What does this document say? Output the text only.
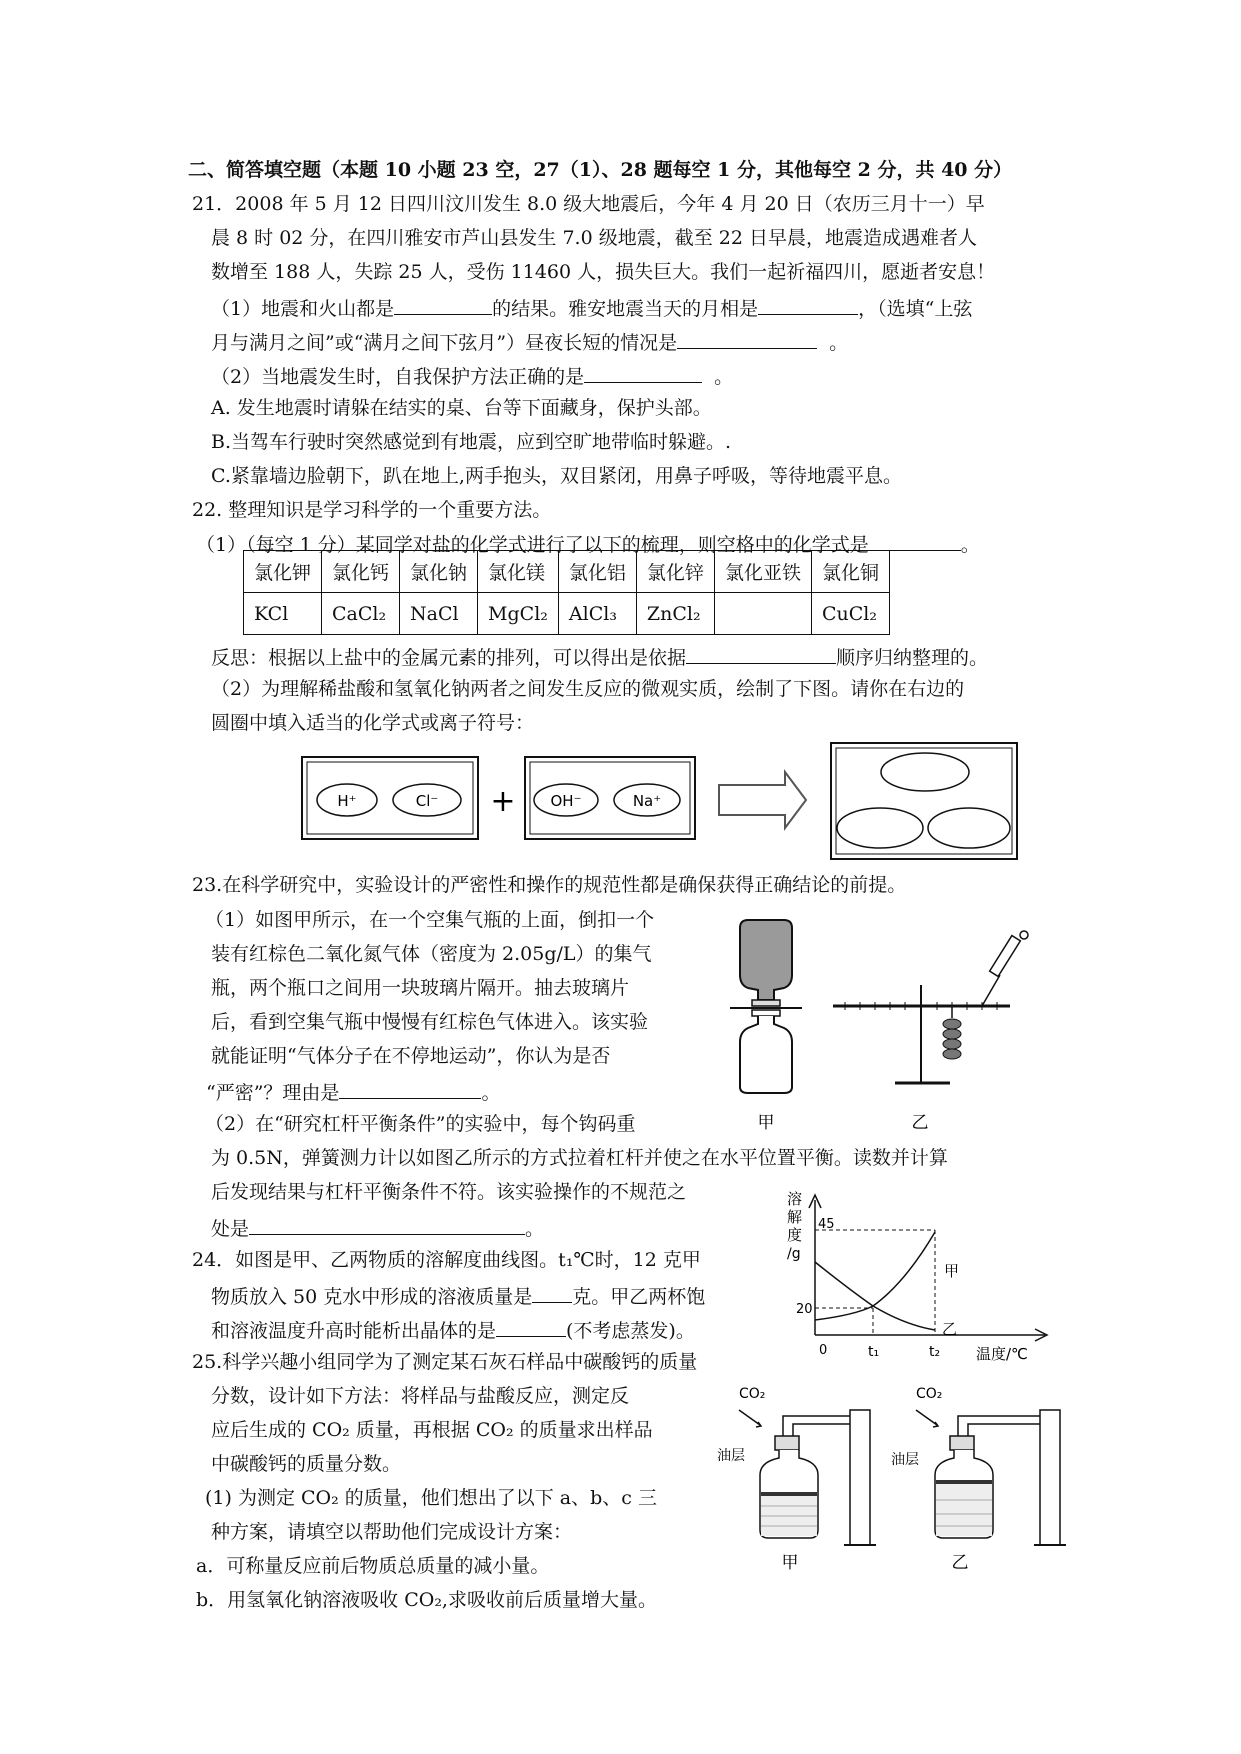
二、简答填空题（本题 10 小题 23 空，27（1）、28 题每空 1 分，其他每空 2 分，共 40 分）
21．2008 年 5 月 12 日四川汶川发生 8.0 级大地震后，今年 4 月 20 日（农历三月十一）早
晨 8 时 02 分，在四川雅安市芦山县发生 7.0 级地震，截至 22 日早晨，地震造成遇难者人
数增至 188 人，失踪 25 人，受伤 11460 人，损失巨大。我们一起祈福四川，愿逝者安息！
（1）地震和火山都是	的结果。雅安地震当天的月相是	，（选填“上弦
月与满月之间”或“满月之间下弦月”）昼夜长短的情况是	。
（2）当地震发生时，自我保护方法正确的是	。
A. 发生地震时请躲在结实的桌、台等下面藏身，保护头部。
B.当驾车行驶时突然感觉到有地震，应到空旷地带临时躲避。.
C.紧靠墙边脸朝下，趴在地上,两手抱头，双目紧闭，用鼻子呼吸，等待地震平息。
22. 整理知识是学习科学的一个重要方法。
（1）（每空 1 分）某同学对盐的化学式进行了以下的梳理，则空格中的化学式是	。
氯化钾	氯化钙	氯化钠	氯化镁	氯化铝	氯化锌	氯化亚铁	氯化铜
KCl	CaCl₂	NaCl	MgCl₂	AlCl₃	ZnCl₂		CuCl₂
反思：根据以上盐中的金属元素的排列，可以得出是依据	顺序归纳整理的。
（2）为理解稀盐酸和氢氧化钠两者之间发生反应的微观实质，绘制了下图。请你在右边的
圆圈中填入适当的化学式或离子符号：
H⁺	Cl⁻ + OH⁻	Na⁺
甲	乙
溶
解
度
/g
45
20
0	t₁	t₂ 温度/℃
甲
乙
CO₂
油层
甲
CO₂
油层
乙
23.在科学研究中，实验设计的严密性和操作的规范性都是确保获得正确结论的前提。
（1）如图甲所示，在一个空集气瓶的上面，倒扣一个
装有红棕色二氧化氮气体（密度为 2.05g/L）的集气
瓶，两个瓶口之间用一块玻璃片隔开。抽去玻璃片
后，看到空集气瓶中慢慢有红棕色气体进入。该实验
就能证明“气体分子在不停地运动”，你认为是否
“严密”？理由是	。
（2）在“研究杠杆平衡条件”的实验中，每个钩码重
为 0.5N，弹簧测力计以如图乙所示的方式拉着杠杆并使之在水平位置平衡。读数并计算
后发现结果与杠杆平衡条件不符。该实验操作的不规范之
处是	。
24．如图是甲、乙两物质的溶解度曲线图。t₁℃时，12 克甲
物质放入 50 克水中形成的溶液质量是 克。甲乙两杯饱
和溶液温度升高时能析出晶体的是	(不考虑蒸发)。
25.科学兴趣小组同学为了测定某石灰石样品中碳酸钙的质量
分数，设计如下方法：将样品与盐酸反应，测定反
应后生成的 CO₂ 质量，再根据 CO₂ 的质量求出样品
中碳酸钙的质量分数。
(1) 为测定 CO₂ 的质量，他们想出了以下 a、b、c 三
种方案，请填空以帮助他们完成设计方案：
a．可称量反应前后物质总质量的减小量。
b．用氢氧化钠溶液吸收 CO₂,求吸收前后质量增大量。
